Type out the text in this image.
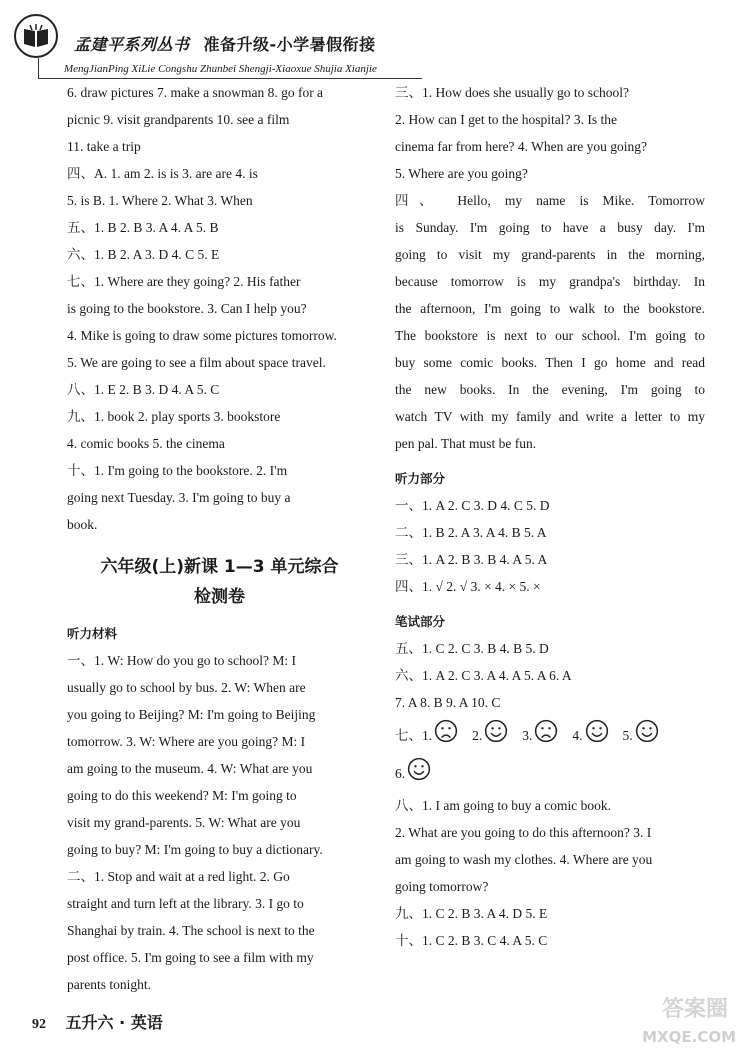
孟建平系列丛书 准备升级-小学暑假衔接
MengJianPing XiLie Congshu Zhunbei Shengji-Xiaoxue Shujia Xianjie
6. draw pictures 7. make a snowman 8. go for a
picnic 9. visit grandparents 10. see a film
11. take a trip
四、A. 1. am 2. is is 3. are are 4. is
5. is B. 1. Where 2. What 3. When
五、1. B 2. B 3. A 4. A 5. B
六、1. B 2. A 3. D 4. C 5. E
七、1. Where are they going? 2. His father
is going to the bookstore. 3. Can I help you?
4. Mike is going to draw some pictures tomorrow.
5. We are going to see a film about space travel.
八、1. E 2. B 3. D 4. A 5. C
九、1. book 2. play sports 3. bookstore
4. comic books 5. the cinema
十、1. I'm going to the bookstore. 2. I'm
going next Tuesday. 3. I'm going to buy a
book.
六年级(上)新课 1—3 单元综合
检测卷
听力材料
一、1. W: How do you go to school? M: I
usually go to school by bus. 2. W: When are
you going to Beijing? M: I'm going to Beijing
tomorrow. 3. W: Where are you going? M: I
am going to the museum. 4. W: What are you
going to do this weekend? M: I'm going to
visit my grand-parents. 5. W: What are you
going to buy? M: I'm going to buy a dictionary.
二、1. Stop and wait at a red light. 2. Go
straight and turn left at the library. 3. I go to
Shanghai by train. 4. The school is next to the
post office. 5. I'm going to see a film with my
parents tonight.
三、1. How does she usually go to school?
2. How can I get to the hospital? 3. Is the
cinema far from here? 4. When are you going?
5. Where are you going?
四、 Hello, my name is Mike. Tomorrow
is Sunday. I'm going to have a busy day. I'm
going to visit my grand-parents in the morning,
because tomorrow is my grandpa's birthday. In
the afternoon, I'm going to walk to the bookstore.
The bookstore is next to our school. I'm going to
buy some comic books. Then I go home and read
the new books. In the evening, I'm going to
watch TV with my family and write a letter to my
pen pal. That must be fun.
听力部分
一、1. A 2. C 3. D 4. C 5. D
二、1. B 2. A 3. A 4. B 5. A
三、1. A 2. B 3. B 4. A 5. A
四、1. √ 2. √ 3. × 4. × 5. ×
笔试部分
五、1. C 2. C 3. B 4. B 5. D
六、1. A 2. C 3. A 4. A 5. A 6. A
7. A 8. B 9. A 10. C
七、 1.	2.	3.	4.	5.
6.
八、1. I am going to buy a comic book.
2. What are you going to do this afternoon? 3. I
am going to wash my clothes. 4. Where are you
going tomorrow?
九、1. C 2. B 3. A 4. D 5. E
十、1. C 2. B 3. C 4. A 5. C
92 五升六 · 英语
答案圈
MXQE.COM
